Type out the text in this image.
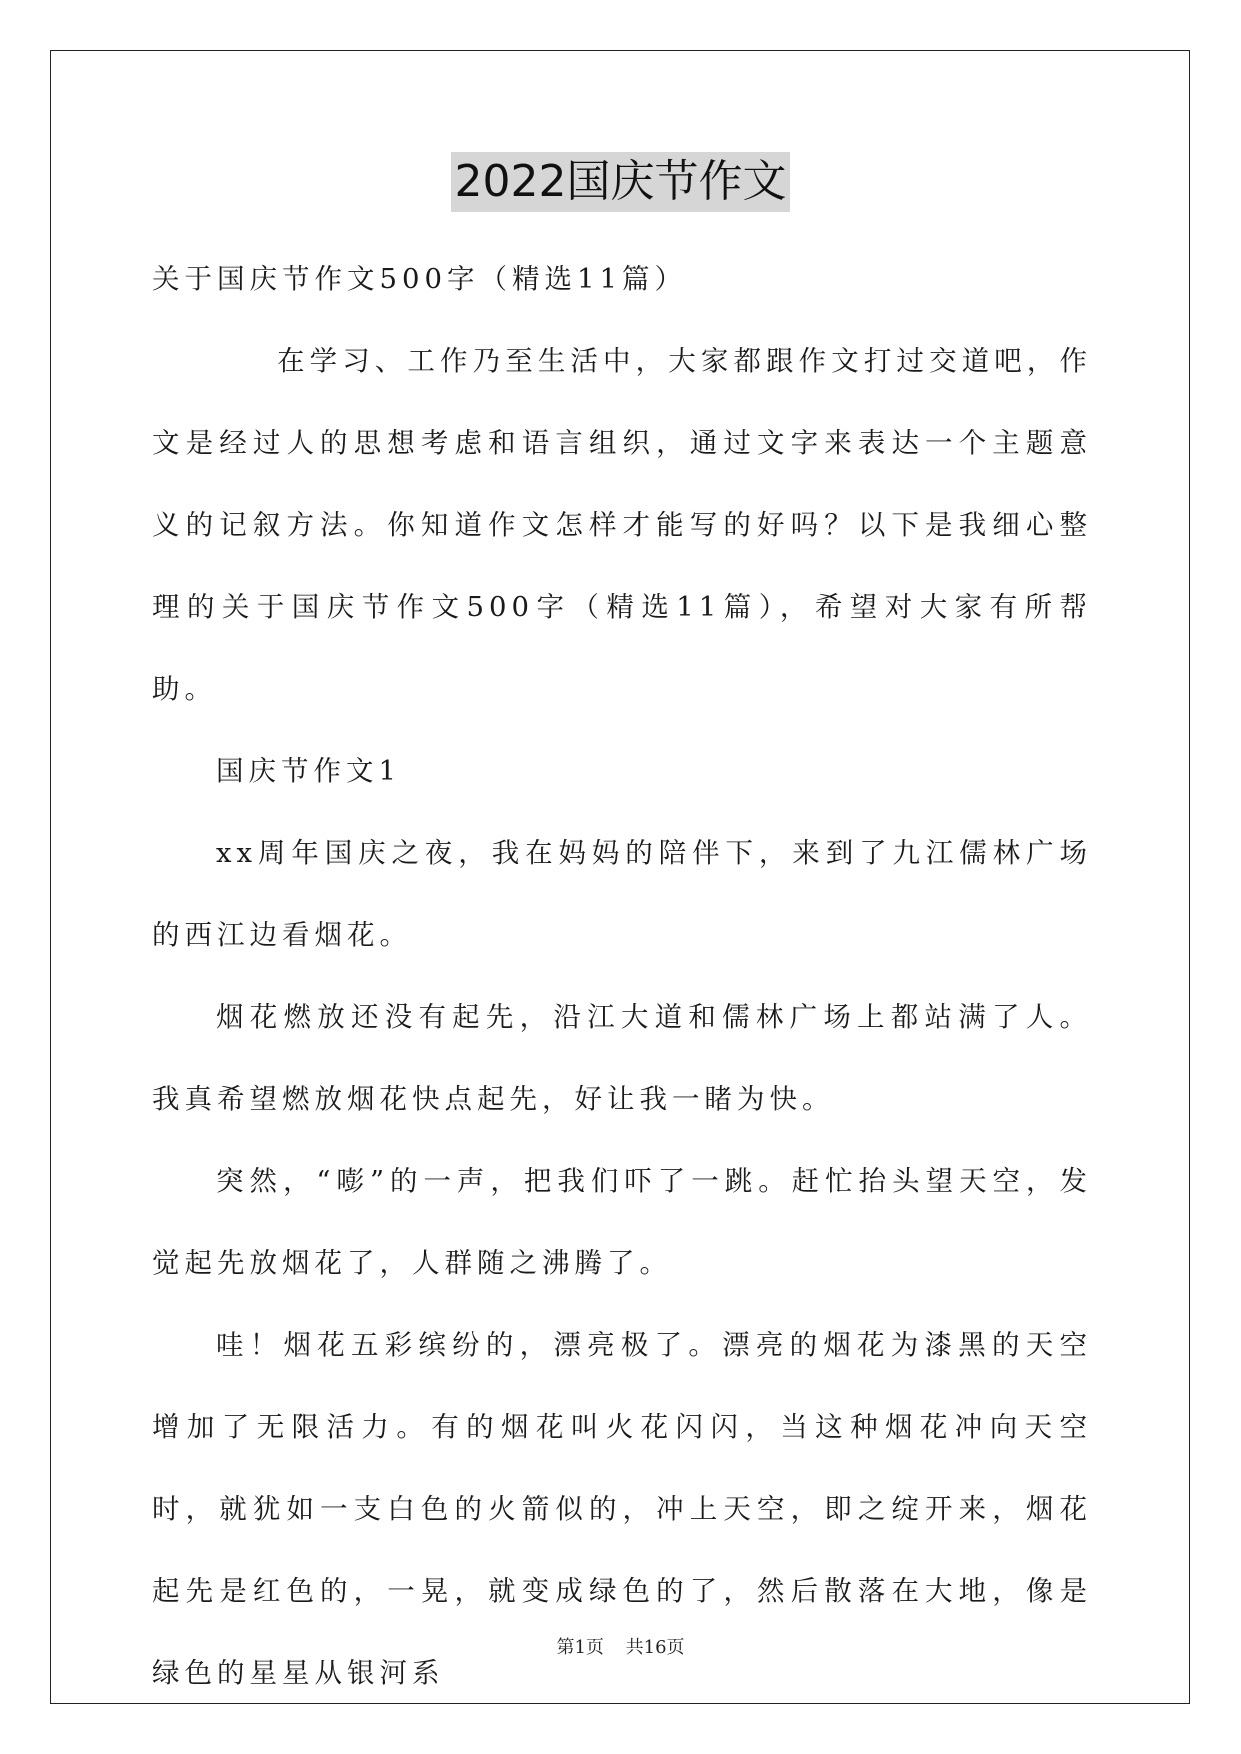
2022国庆节作文

关于国庆节作文500字（精选11篇）

在学习、工作乃至生活中，大家都跟作文打过交道吧，作文是经过人的思想考虑和语言组织，通过文字来表达一个主题意义的记叙方法。你知道作文怎样才能写的好吗？以下是我细心整理的关于国庆节作文500字（精选11篇），希望对大家有所帮助。

国庆节作文1

xx周年国庆之夜，我在妈妈的陪伴下，来到了九江儒林广场的西江边看烟花。

烟花燃放还没有起先，沿江大道和儒林广场上都站满了人。我真希望燃放烟花快点起先，好让我一睹为快。

突然，“嘭”的一声，把我们吓了一跳。赶忙抬头望天空，发觉起先放烟花了，人群随之沸腾了。

哇！烟花五彩缤纷的，漂亮极了。漂亮的烟花为漆黑的天空增加了无限活力。有的烟花叫火花闪闪，当这种烟花冲向天空时，就犹如一支白色的火箭似的，冲上天空，即之绽开来，烟花起先是红色的，一晃，就变成绿色的了，然后散落在大地，像是绿色的星星从银河系

第1页 共16页
